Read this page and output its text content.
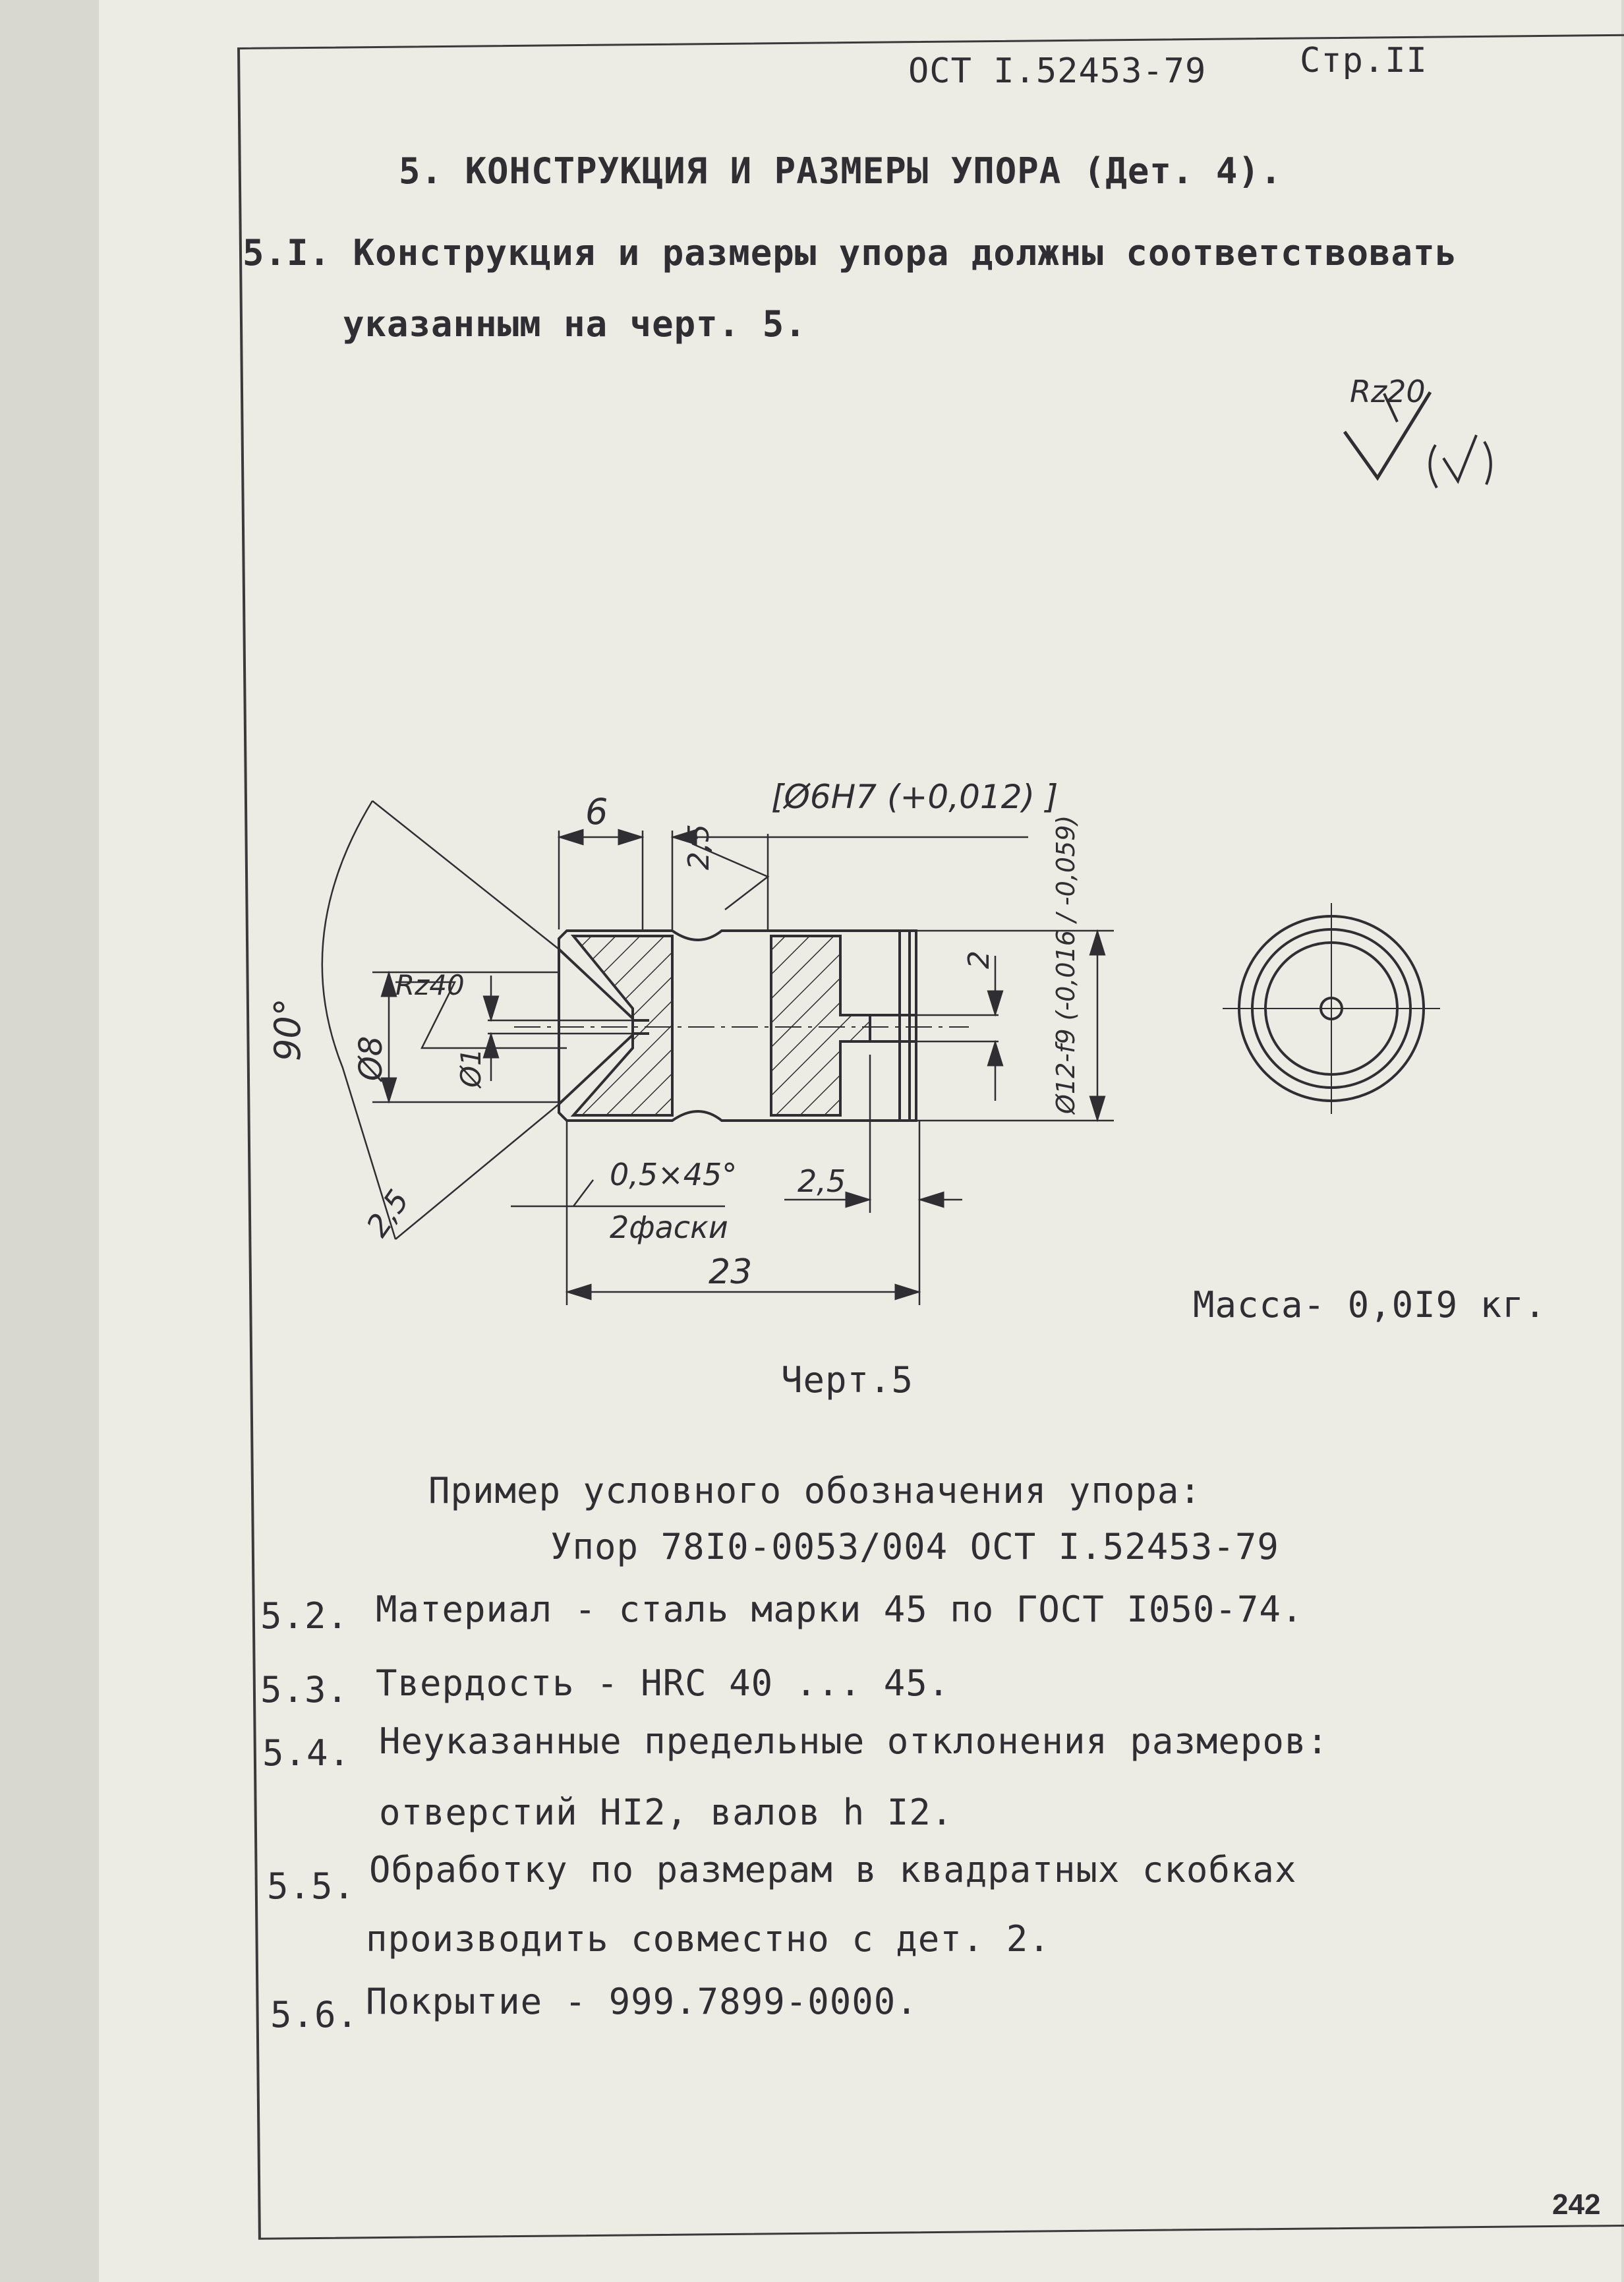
ОСТ I.52453-79	Стр.II
5. КОНСТРУКЦИЯ И РАЗМЕРЫ УПОРА (Дет. 4).
5.I. Конструкция и размеры упора должны соответствовать
указанным на черт. 5.
Rz20
6	[Ø6Н7 (+0,012) ]
2,5
90°
Rz40
Ø8 Ø1
2 Ø12-f9 (-0,016 / -0,059)
2,5
0,5×45°
2фаски
2,5
23
Масса- 0,0I9 кг.
Черт.5
Пример условного обозначения упора:
Упор 78I0-0053/004 ОСТ I.52453-79
5.2. Материал - сталь марки 45 по ГОСТ I050-74.
5.3. Твердость - HRC 40 ... 45.
5.4. Неуказанные предельные отклонения размеров:
отверстий НI2, валов h I2.
5.5. Обработку по размерам в квадратных скобках
производить совместно с дет. 2.
5.6. Покрытие - 999.7899-0000.
242
